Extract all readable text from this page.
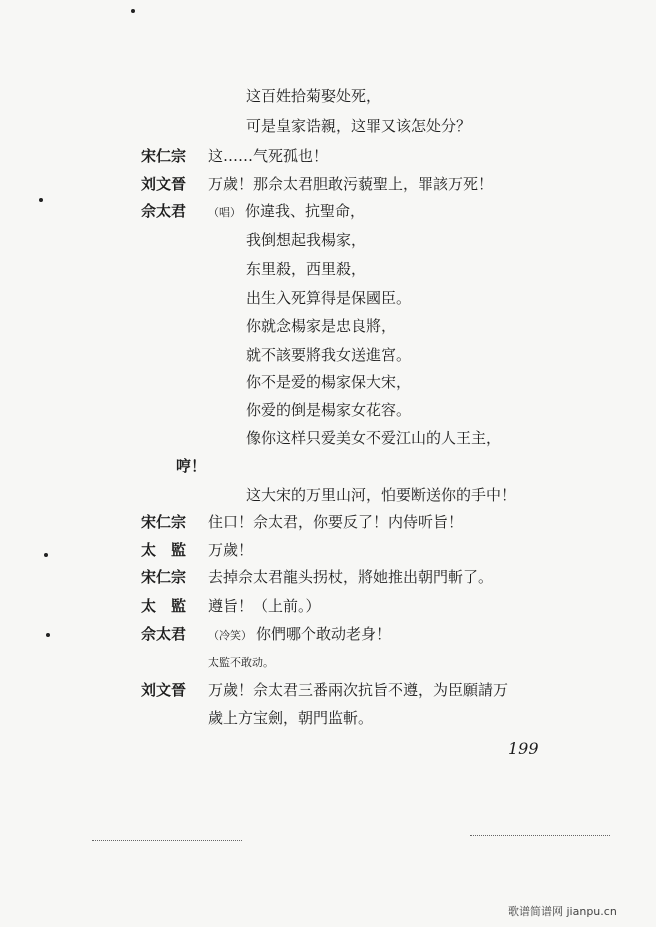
这百姓拾菊娶处死，
可是皇家诰親，这罪又该怎处分？
宋仁宗	这……气死孤也！
刘文晉	万歲！那佘太君胆敢污藐聖上，罪該万死！
佘太君	（唱） 你違我、抗聖命，
我倒想起我楊家，
东里殺，西里殺，
出生入死算得是保國臣。
你就念楊家是忠良將，
就不該要將我女送進宮。
你不是爱的楊家保大宋，
你爱的倒是楊家女花容。
像你这样只爱美女不爱江山的人王主，
哼！
这大宋的万里山河，怕要断送你的手中！
宋仁宗	住口！佘太君，你要反了！内侍听旨！
太　監	万歲！
宋仁宗	去掉佘太君龍头拐杖，將她推出朝門斬了。
太　監	遵旨！（上前。）
佘太君	（冷笑） 你們哪个敢动老身！
太監不敢动。
刘文晉	万歲！佘太君三番兩次抗旨不遵，为臣願請万
歲上方宝劍，朝門监斬。
199
歌谱简谱网 jianpu.cn
